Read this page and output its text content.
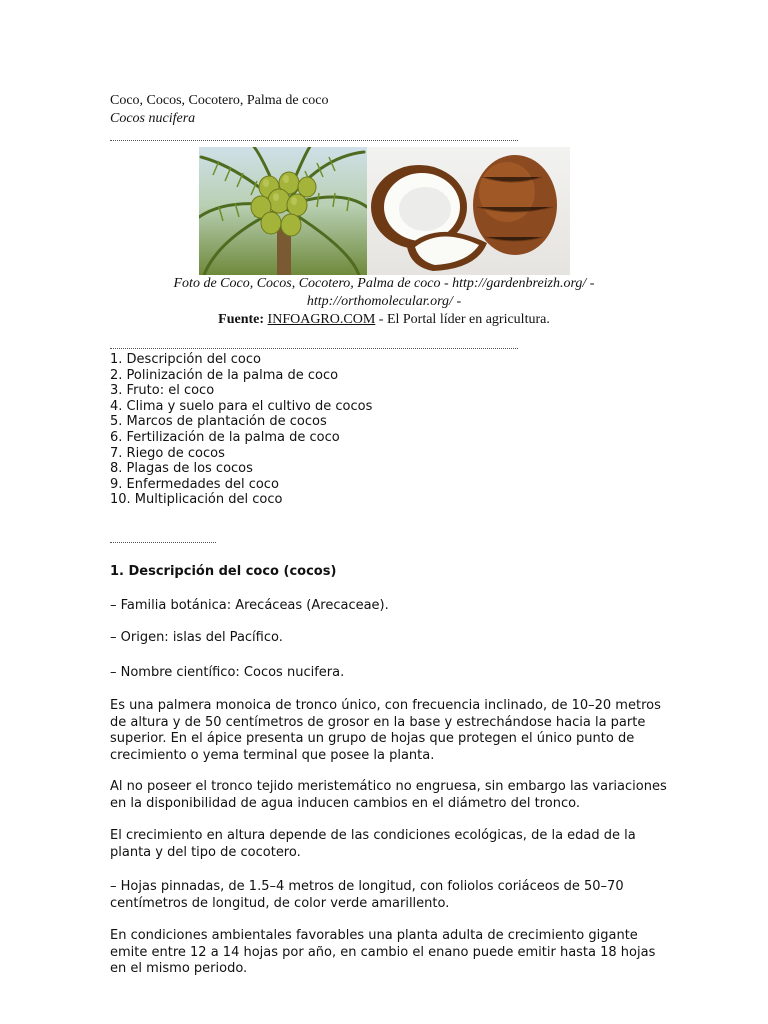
Coco, Cocos, Cocotero, Palma de coco
Cocos nucifera
Foto de Coco, Cocos, Cocotero, Palma de coco - http://gardenbreizh.org/ -
http://orthomolecular.org/ -
Fuente: INFOAGRO.COM - El Portal líder en agricultura.
1. Descripción del coco
2. Polinización de la palma de coco
3. Fruto: el coco
4. Clima y suelo para el cultivo de cocos
5. Marcos de plantación de cocos
6. Fertilización de la palma de coco
7. Riego de cocos
8. Plagas de los cocos
9. Enfermedades del coco
10. Multiplicación del coco
1. Descripción del coco (cocos)
– Familia botánica: Arecáceas (Arecaceae).
– Origen: islas del Pacífico.
– Nombre científico: Cocos nucifera.
Es una palmera monoica de tronco único, con frecuencia inclinado, de 10–20 metros de altura y de 50 centímetros de grosor en la base y estrechándose hacia la parte superior. En el ápice presenta un grupo de hojas que protegen el único punto de crecimiento o yema terminal que posee la planta.
Al no poseer el tronco tejido meristemático no engruesa, sin embargo las variaciones en la disponibilidad de agua inducen cambios en el diámetro del tronco.
El crecimiento en altura depende de las condiciones ecológicas, de la edad de la planta y del tipo de cocotero.
– Hojas pinnadas, de 1.5–4 metros de longitud, con foliolos coriáceos de 50–70 centímetros de longitud, de color verde amarillento.
En condiciones ambientales favorables una planta adulta de crecimiento gigante emite entre 12 a 14 hojas por año, en cambio el enano puede emitir hasta 18 hojas en el mismo periodo.
